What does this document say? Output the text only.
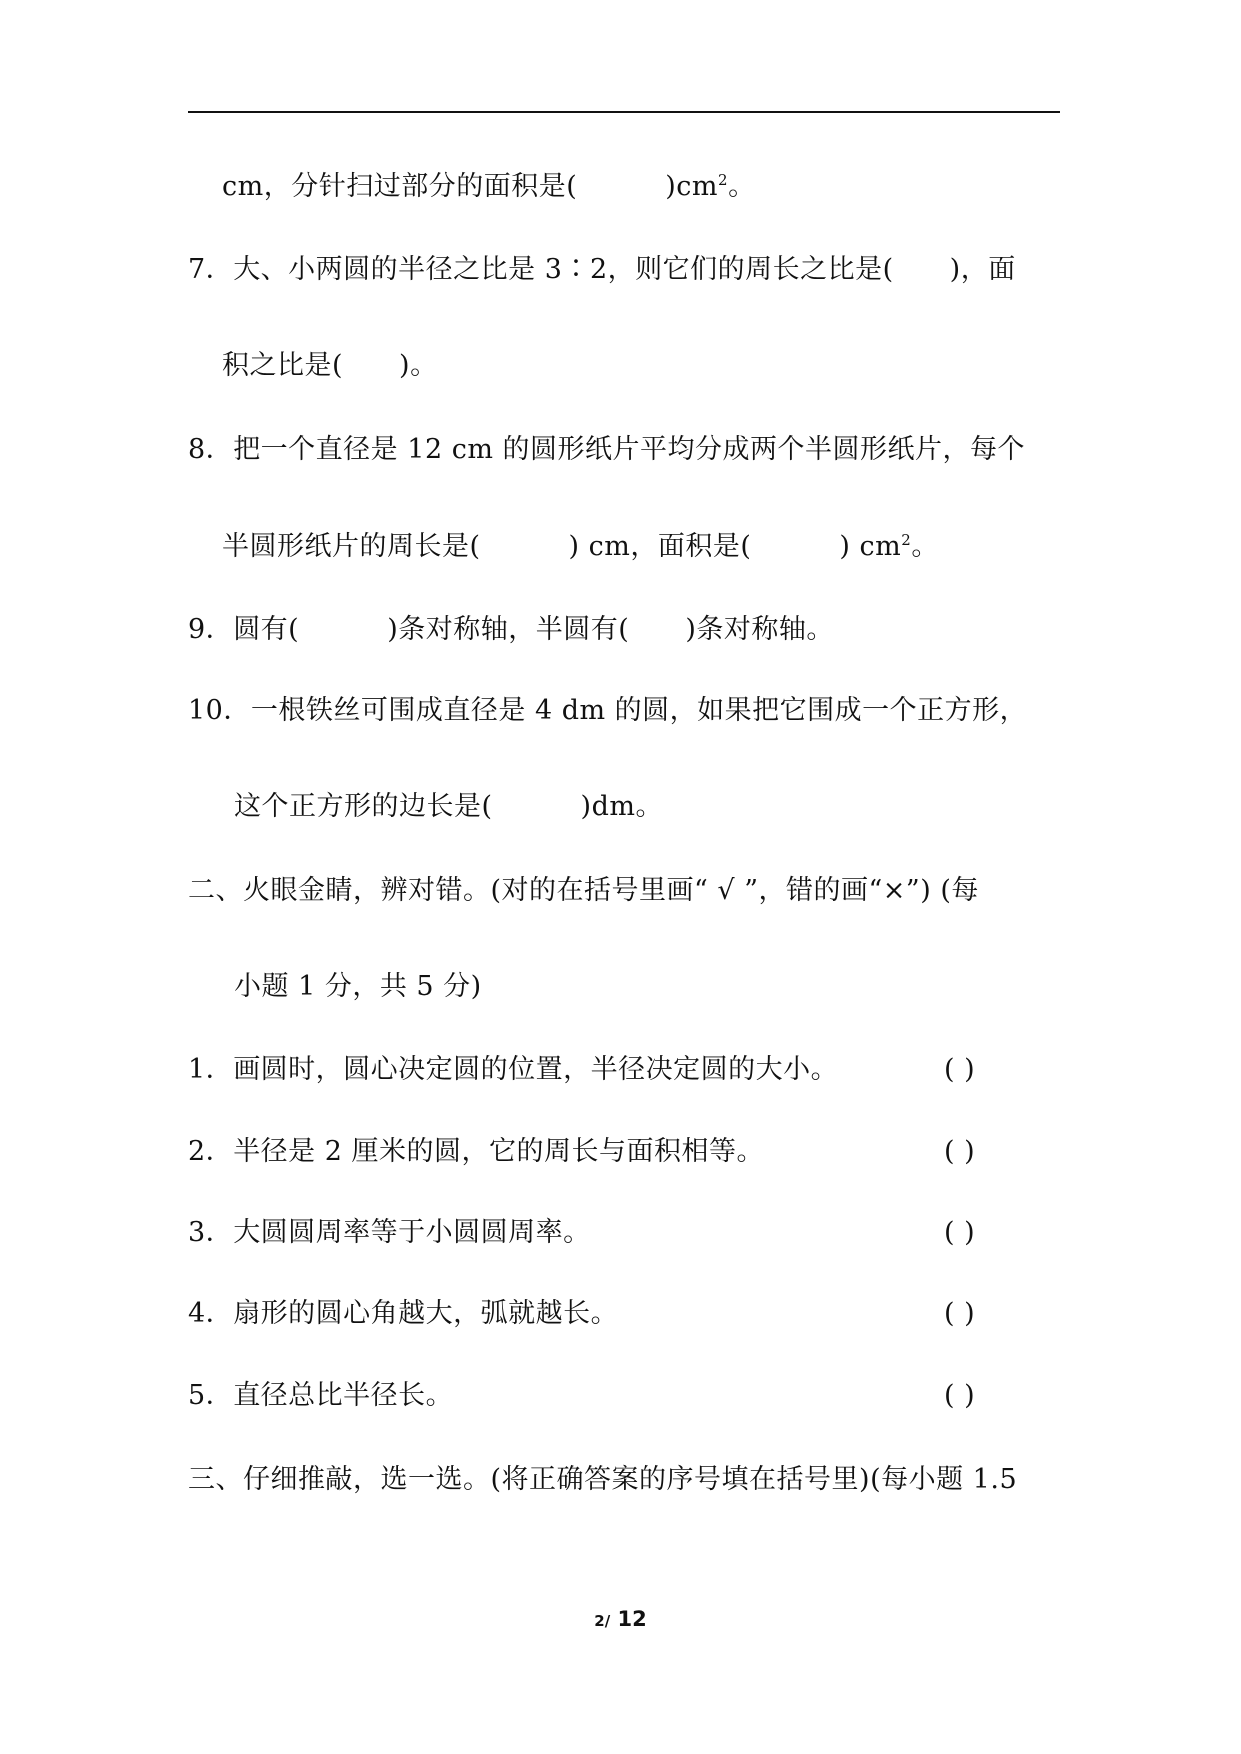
cm，分针扫过部分的面积是(	)$cm^2$。
7．大、小两圆的半径之比是 3∶2，则它们的周长之比是( )，面
积之比是( )。
8．把一个直径是 12 cm 的圆形纸片平均分成两个半圆形纸片，每个
半圆形纸片的周长是(	) cm，面积是(	) $cm^2$。
9．圆有(	)条对称轴，半圆有( )条对称轴。
10．一根铁丝可围成直径是 4 dm 的圆，如果把它围成一个正方形，
这个正方形的边长是(	)dm。
二、火眼金睛，辨对错。(对的在括号里画“ √ ”，错的画“×”) (每
小题 1 分，共 5 分)
1．画圆时，圆心决定圆的位置，半径决定圆的大小。	( )
2．半径是 2 厘米的圆，它的周长与面积相等。	( )
3．大圆圆周率等于小圆圆周率。	( )
4．扇形的圆心角越大，弧就越长。	( )
5．直径总比半径长。	( )
三、仔细推敲，选一选。(将正确答案的序号填在括号里)(每小题 1.5
2/ 12
